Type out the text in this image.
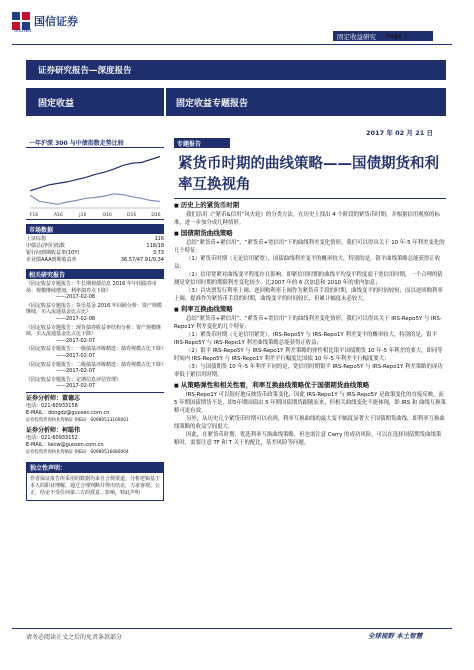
国信证券
GUOSEN
固定收益研究	Page 1
证券研究报告—深度报告
固定收益	固定收益专题报告
2017 年 02 月 21 日
一年沪深 300 与中债指数走势比较
F16	A16	J16	O16	D16	D16
市场数据
上证综指	116
中债总(净价)指数	118/18
银行间到期收益率(10Y)	3.73
企业债AAA到期收益率	36.57/47.91/0.34
相关研究报告
《固定收益专题报告：牛长期观债信息 2016 年中国债券市场：规模继续增加，利率债券点下降》
——2017-02-08
《固定收益专题报告：货币基金 2016 年回顾分析：资产规模继续，买入流通基金比占比》
——2017-02-08
《固定收益专题报告：现货债券收益率结构分析：资产规模继续，买入流通基金比占比下降》
——2017-02-07
《固定收益专题报告：一级债基评级精选：债券规模占比下降》
——2017-02-07
《固定收益专题报告：二级债基评级精选：债券规模占比下降》
——2017-02-07
《固定收益专题报告：定期信息评估管理》
——2017-02-07
证券分析师：董德志
电话：021-60933158
E-MAIL：dongdz@guosen.com.cn
证券投资咨询执业资格证书编码：S0980513100001
证券分析师：柯聪伟
电话：021-60933152
E-MAIL：kecw@guosen.com.cn
证券投资咨询执业资格证书编码：S0980516080004
独立性声明：
作者保证报告所采用的数据均来自合规渠道，分析逻辑基于本人的职业理解，通过合理判断并得出结论，力求客观、公正，结论不受任何第三方的授意、影响，特此声明
专题报告
紧货币时期的曲线策略——国债期货和利率互换视角
■ 历史上的紧货币时期
我们沿用《“紧币&信用”风火轮》的分类方法。在历史上找出 4 个阶段的紧货币时期，并根据信用观察的标准，进一步加分成几种情形。
■ 国债期货曲线策略
总结“紧货币+紧信用”、“紧货币+宽信用”下的曲线利差变化情形，我们可以得出关于 10 年-5 年利差变化的几个特征：
（1）紧货币时期（无论信用紧宽），国债曲线利差变平的概率较大，特别的是，银平曲线策略总能获得正收益；
（2）信用宽紧对曲线变平程度存在影响，即紧信用时期的曲线平均变平程度弱于宽信用时期，一个合理的猜测是宽信用时期的期限利差变化较少，比2007 年的 6 次加息和 2010 年的重内加息；
（3）以央票发行利率上调、逆回购利率上调作为紧货币手段的时期，曲线变平的时间较短；而以逆回购利率上调、提准作为紧货币手段的时期，曲线变平的时间较长，但累计幅度未必较大。
■ 利率互换曲线策略
总结“紧货币+紧信用”、“紧货币+宽信用”下的曲线利差变化情形，我们可以得出关于 IRS-Repo5Y 与 IRS-Repo1Y 利差变化的几个特征：
（1）紧货币时期（无论信用紧宽），IRS-Repo5Y 与 IRS-Repo1Y 利差变平的概率较大，特别的是，银平 IRS-Repo5Y 与 IRS-Repo1Y 利差曲线策略总能获得正收益；
（2）银平 IRS-Repo5Y 与 IRS-Repo1Y 利差策略的弹性相比银平国债期货 10 年-5 年利差的要大，即同等时间内 IRS-Repo5Y 与 IRS-Repo1Y 利差平行幅度比国债 10 年-5 年利差平行幅度要大；
（3）与国债期货 10 年-5 年利差不同的是，宽信用时期银平 IRS-Repo5Y 与 IRS-Repo1Y 利差策略的成功率低于紧信用时期。
■ 从策略弹性和相关性看，利率互换曲线策略优于国债期货曲线策略
IRS-Repo1Y 可以很好地反映货币政策变化，因此 IRS-Repo1Y 与 IRS-Repo5Y 是政策变化的直接反映，而 5 年期国债期货不是，即5年期国债由 5 年期国债期货跟随而来，但相关曲线变化不能体现，即 IRS 和 曲线互换策略可更有效。
另外，从历史几个紧货币时期可以看到，利率互换曲线的最大变平幅度显著大于国债期货曲线，即利率互换曲线策略的收益空间更大。
因此，在紧货币时期，优选利率互换曲线策略，但也需注意 Carry 的成功风险，可以在选择国债期货曲线策略时，需要注意 TF 和 T 关于的配比，基差风险等问题。
请务必阅读正文之后的免责条款部分	全球视野 本土智慧
